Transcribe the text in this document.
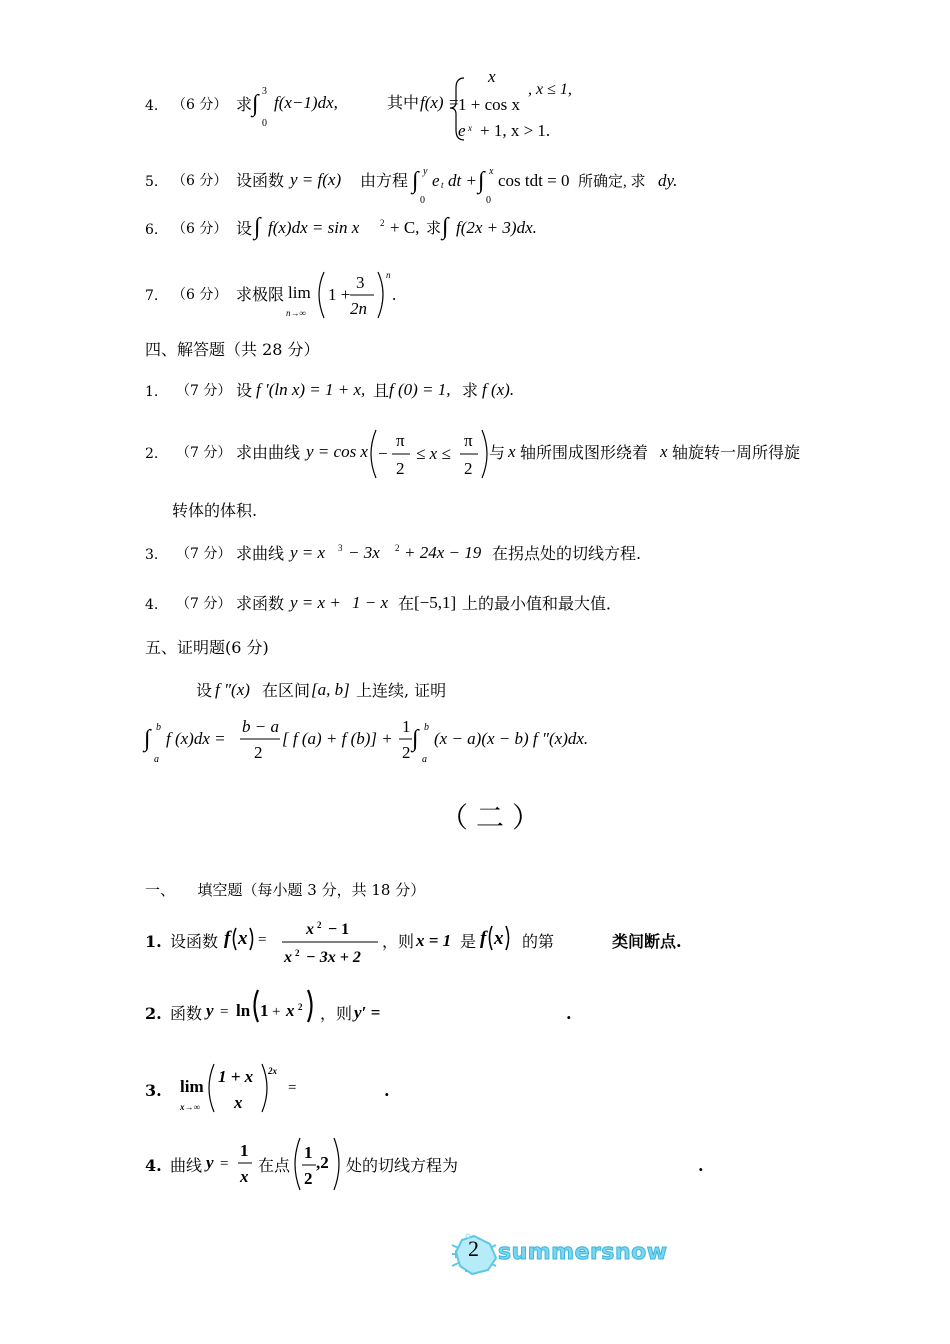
4. （6 分） 求 ∫ 3
0
f(x−1)dx,	其中 f(x) =
x
, x ≤ 1,
1 + cos x
e x + 1, x > 1.
5. （6 分） 设函数 y = f(x) 由方程 ∫ y
0
e t dt + ∫ x
0
cos tdt = 0 所确定, 求 dy.
6. （6 分） 设 ∫ f(x)dx = sin x 2 + C, 求 ∫ f(2x + 3)dx.
7. （6 分） 求极限 lim
n→∞
1 +
3
2n
n
.
四、解答题（共 28 分）
1. （7 分） 设 f ′(ln x) = 1 + x, 且 f (0) = 1, 求 f (x).
2. （7 分） 求由曲线 y = cos x −
π
2
≤ x ≤
π
2
与 x 轴所围成图形绕着 x 轴旋转一周所得旋
转体的体积.
3. （7 分） 求曲线 y = x 3 − 3x 2 + 24x − 19 在拐点处的切线方程.
4. （7 分） 求函数 y = x + 1 − x 在 [−5,1] 上的最小值和最大值．
五、证明题(6 分)
设 f ″(x) 在区间 [a, b] 上连续, 证明
∫ b
a
f (x)dx =
b − a
2
[ f (a) + f (b)] +
1
2
∫ b
a
(x − a)(x − b) f ″(x)dx.
（二）
一、　　填空题（每小题 3 分，共 18 分）
1. 设函数 f x =
x 2 − 1
x 2 − 3x + 2
，则 x = 1 是 f x 的第	类间断点.
2. 函数 y = ln 1 + x 2 ，则 y′ =	.
3. lim
x→∞
1 + x
x
2x
=	.
4. 曲线 y =
1
x
在点
1
2
,2 处的切线方程为	.
2 summersnow
